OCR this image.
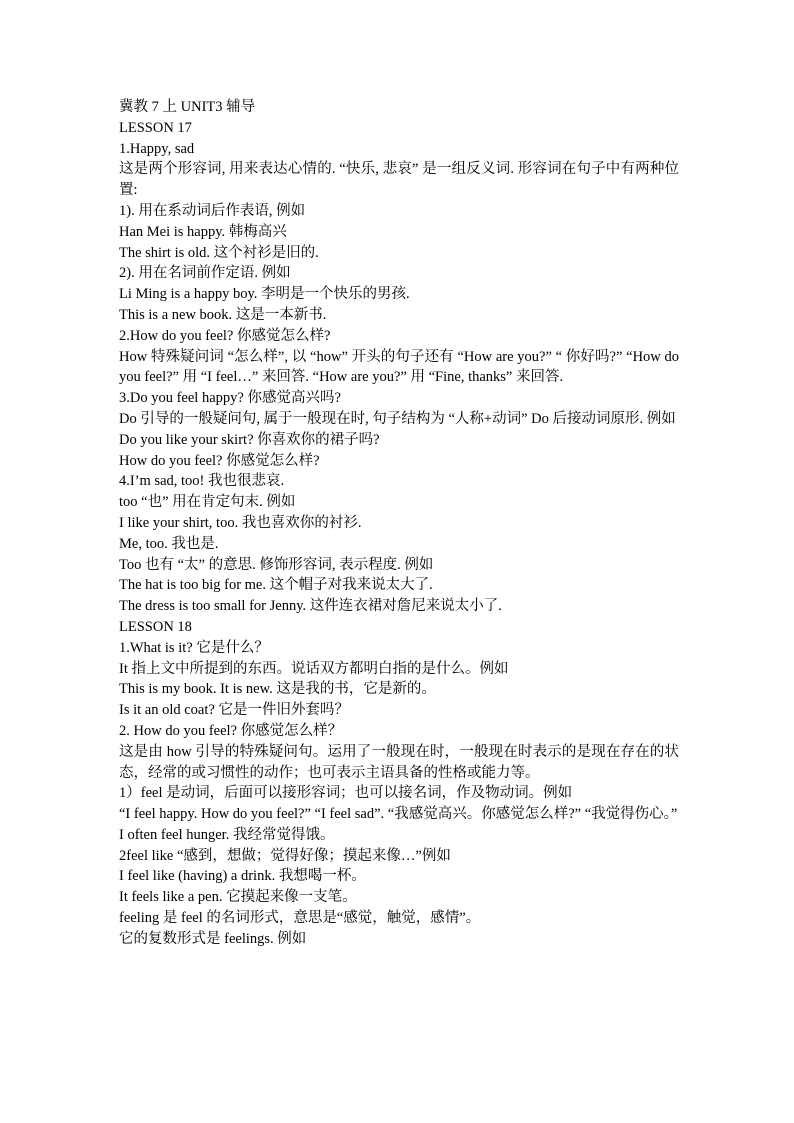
冀教 7 上 UNIT3 辅导
LESSON 17
1.Happy, sad
这是两个形容词, 用来表达心情的. “快乐, 悲哀” 是一组反义词. 形容词在句子中有两种位置:
1). 用在系动词后作表语, 例如
Han Mei is happy. 韩梅高兴
The shirt is old. 这个衬衫是旧的.
2). 用在名词前作定语. 例如
Li Ming is a happy boy. 李明是一个快乐的男孩.
This is a new book. 这是一本新书.
2.How do you feel? 你感觉怎么样?
How 特殊疑问词 “怎么样”, 以 “how” 开头的句子还有 “How are you?” “ 你好吗?” “How do you feel?” 用 “I feel…” 来回答. “How are you?” 用 “Fine, thanks” 来回答.
3.Do you feel happy? 你感觉高兴吗?
Do 引导的一般疑问句, 属于一般现在时, 句子结构为 “人称+动词” Do 后接动词原形. 例如
Do you like your skirt? 你喜欢你的裙子吗?
How do you feel? 你感觉怎么样?
4.I’m sad, too! 我也很悲哀.
too “也” 用在肯定句末. 例如
I like your shirt, too. 我也喜欢你的衬衫.
Me, too. 我也是.
Too 也有 “太” 的意思. 修饰形容词, 表示程度. 例如
The hat is too big for me. 这个帽子对我来说太大了.
The dress is too small for Jenny. 这件连衣裙对詹尼来说太小了.
LESSON 18
1.What is it? 它是什么？
It 指上文中所提到的东西。说话双方都明白指的是什么。例如
This is my book. It is new. 这是我的书，它是新的。
Is it an old coat? 它是一件旧外套吗？
2. How do you feel? 你感觉怎么样？
这是由 how 引导的特殊疑问句。运用了一般现在时，一般现在时表示的是现在存在的状态，经常的或习惯性的动作；也可表示主语具备的性格或能力等。
1）feel 是动词，后面可以接形容词；也可以接名词，作及物动词。例如
“I feel happy. How do you feel?” “I feel sad”. “我感觉高兴。你感觉怎么样?” “我觉得伤心。”
I often feel hunger. 我经常觉得饿。
2feel like “感到，想做；觉得好像；摸起来像…”例如
I feel like (having) a drink. 我想喝一杯。
It feels like a pen. 它摸起来像一支笔。
feeling 是 feel 的名词形式，意思是“感觉，触觉，感情”。
它的复数形式是 feelings. 例如
